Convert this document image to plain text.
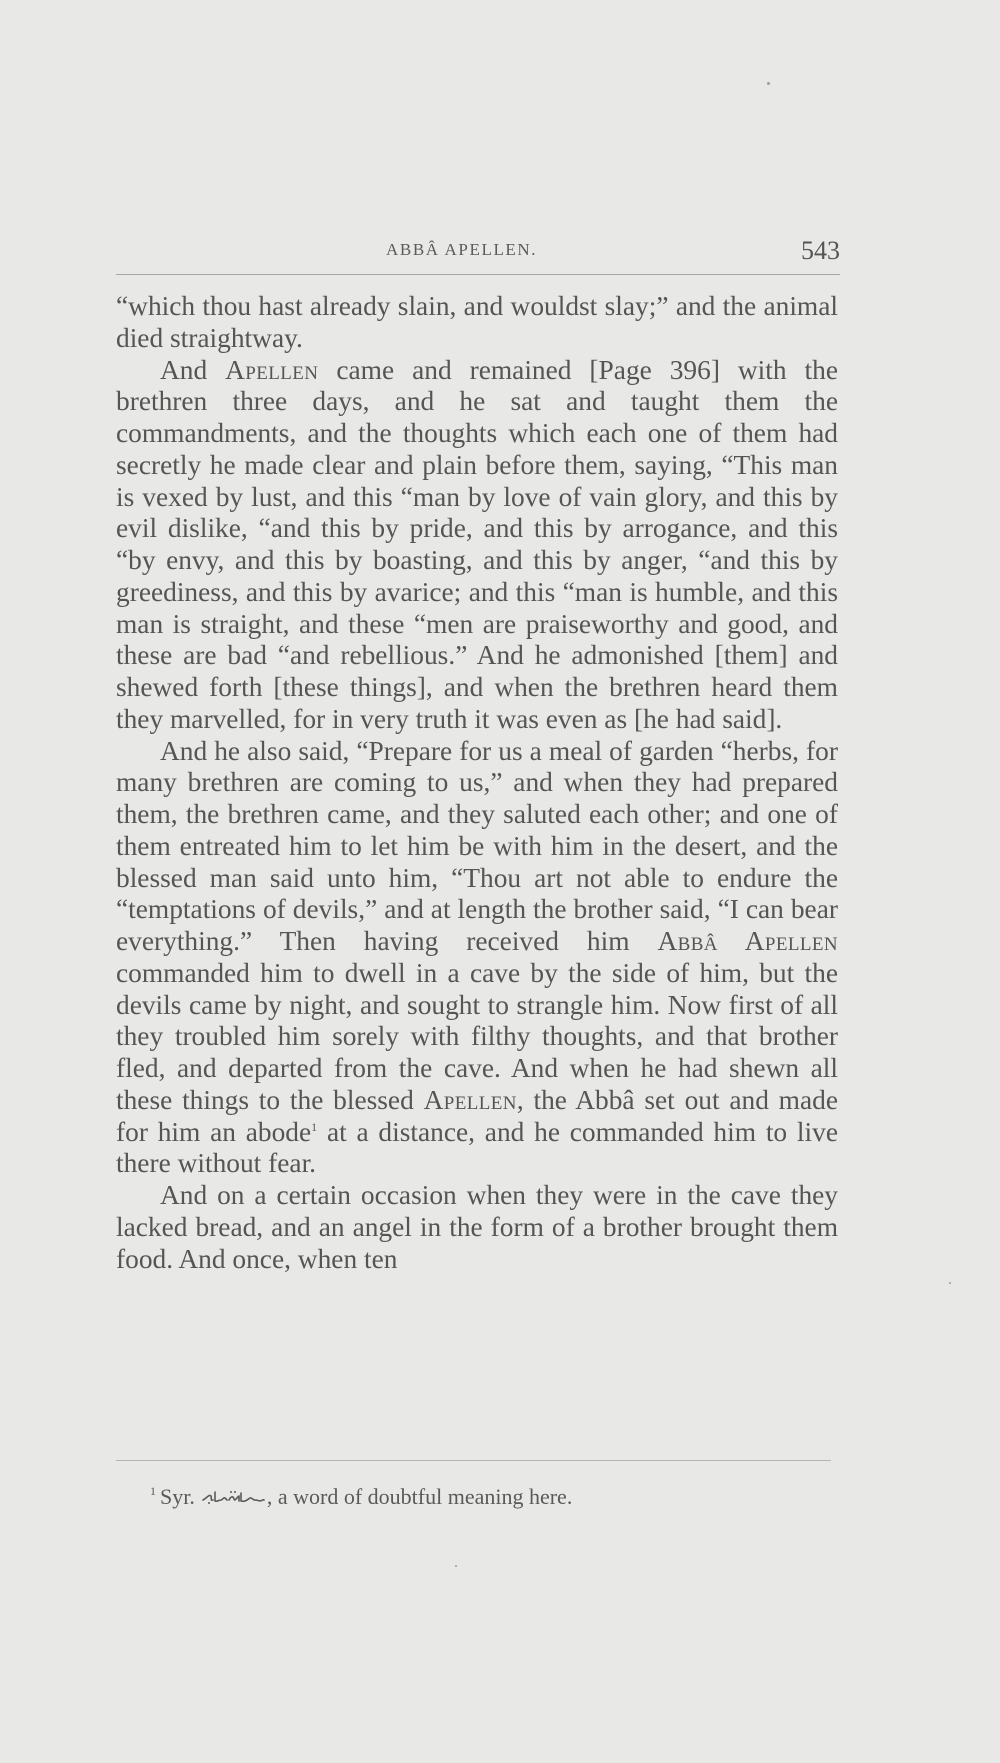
ABBÂ APELLEN.	543

“which thou hast already slain, and wouldst slay;” and the animal died straightway.

And Apellen came and remained [Page 396] with the brethren three days, and he sat and taught them the commandments, and the thoughts which each one of them had secretly he made clear and plain before them, saying, “This man is vexed by lust, and this “man by love of vain glory, and this by evil dislike, “and this by pride, and this by arrogance, and this “by envy, and this by boasting, and this by anger, “and this by greediness, and this by avarice; and this “man is humble, and this man is straight, and these “men are praiseworthy and good, and these are bad “and rebellious.” And he admonished [them] and shewed forth [these things], and when the brethren heard them they marvelled, for in very truth it was even as [he had said].

And he also said, “Prepare for us a meal of garden “herbs, for many brethren are coming to us,” and when they had prepared them, the brethren came, and they saluted each other; and one of them entreated him to let him be with him in the desert, and the blessed man said unto him, “Thou art not able to endure the “temptations of devils,” and at length the brother said, “I can bear everything.” Then having received him Abbâ Apellen commanded him to dwell in a cave by the side of him, but the devils came by night, and sought to strangle him. Now first of all they troubled him sorely with filthy thoughts, and that brother fled, and departed from the cave. And when he had shewn all these things to the blessed Apellen, the Abbâ set out and made for him an abode$^1$ at a distance, and he commanded him to live there without fear.

And on a certain occasion when they were in the cave they lacked bread, and an angel in the form of a brother brought them food. And once, when ten

$^1$ Syr.	, a word of doubtful meaning here.
